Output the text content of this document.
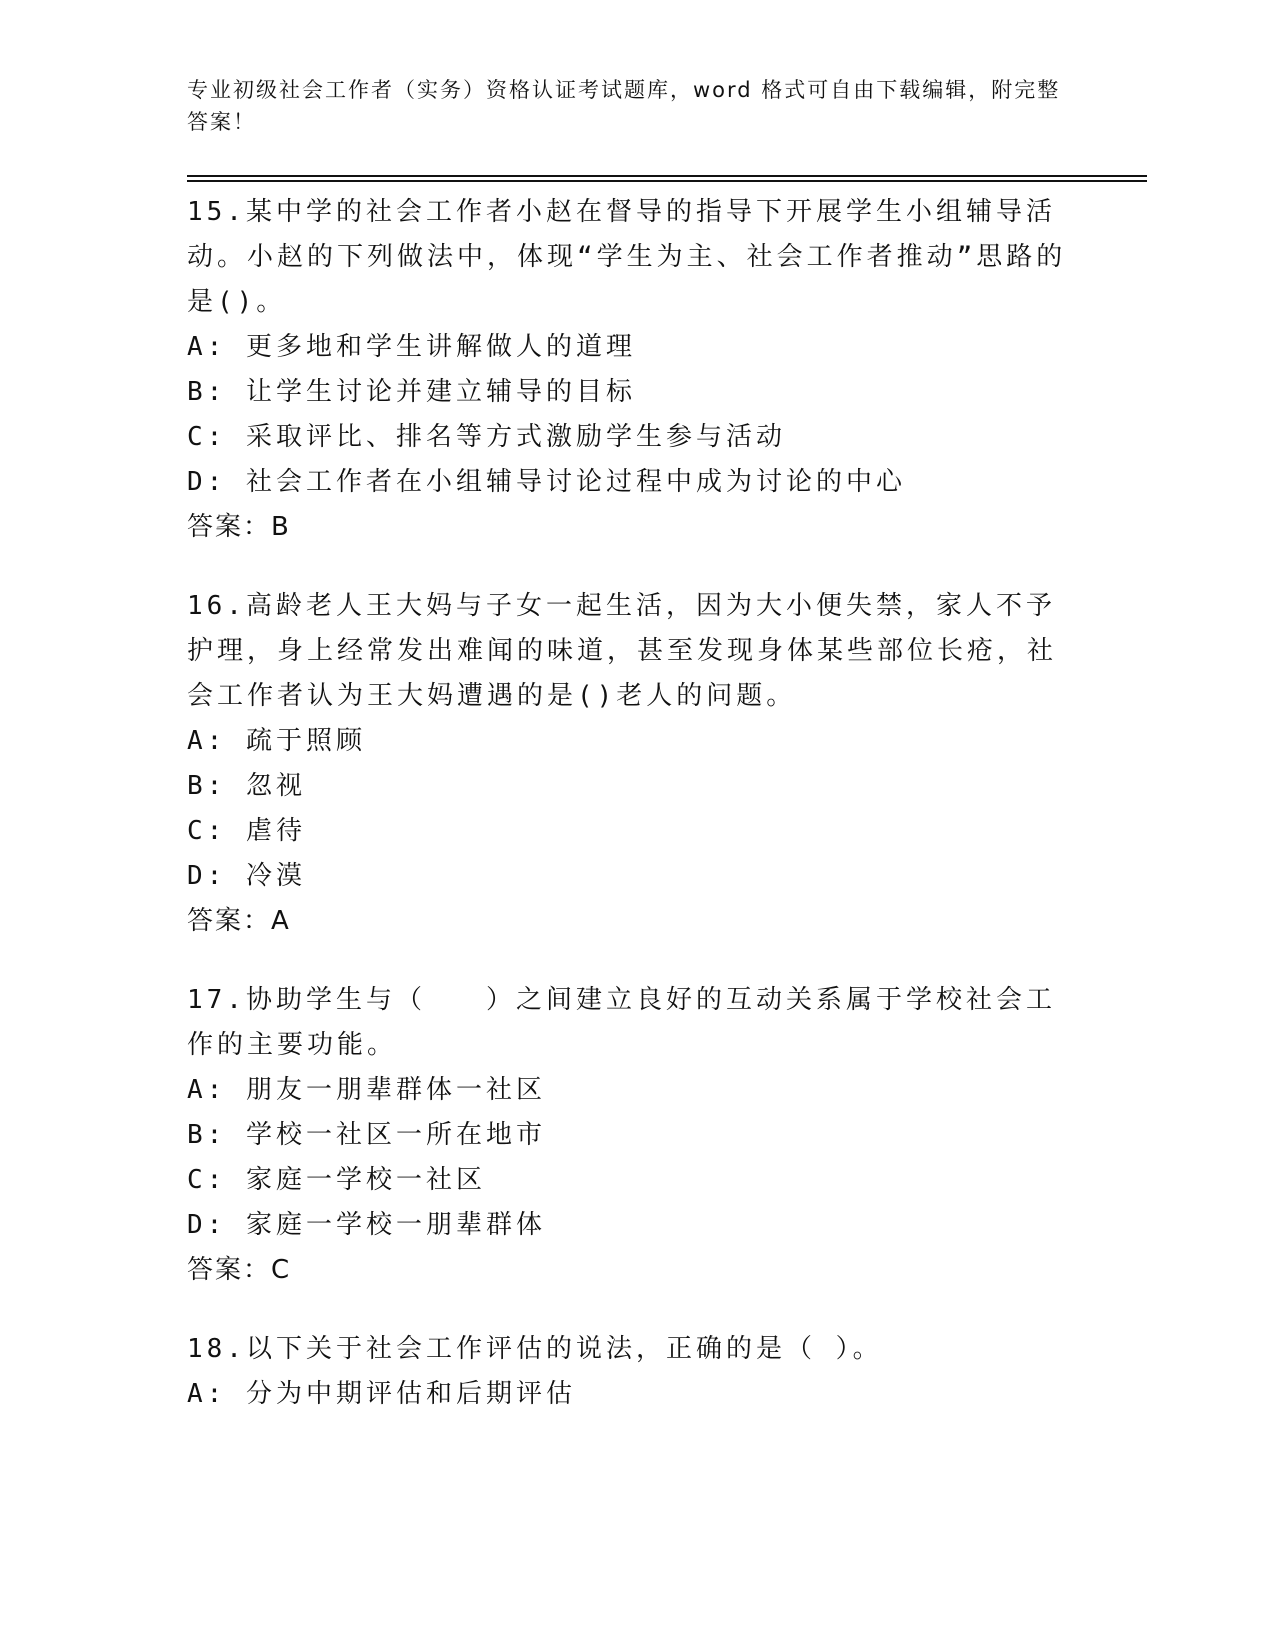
专业初级社会工作者（实务）资格认证考试题库，word 格式可自由下载编辑，附完整答案！

15.某中学的社会工作者小赵在督导的指导下开展学生小组辅导活动。小赵的下列做法中，体现“学生为主、社会工作者推动”思路的是()。

A: 更多地和学生讲解做人的道理

B: 让学生讨论并建立辅导的目标

C: 采取评比、排名等方式激励学生参与活动

D: 社会工作者在小组辅导讨论过程中成为讨论的中心

答案：B

16.高龄老人王大妈与子女一起生活，因为大小便失禁，家人不予护理，身上经常发出难闻的味道，甚至发现身体某些部位长疮，社会工作者认为王大妈遭遇的是()老人的问题。

A: 疏于照顾

B: 忽视

C: 虐待

D: 冷漠

答案：A

17.协助学生与（　　）之间建立良好的互动关系属于学校社会工作的主要功能。

A: 朋友一朋辈群体一社区

B: 学校一社区一所在地市

C: 家庭一学校一社区

D: 家庭一学校一朋辈群体

答案：C

18.以下关于社会工作评估的说法，正确的是（ ）。

A: 分为中期评估和后期评估
